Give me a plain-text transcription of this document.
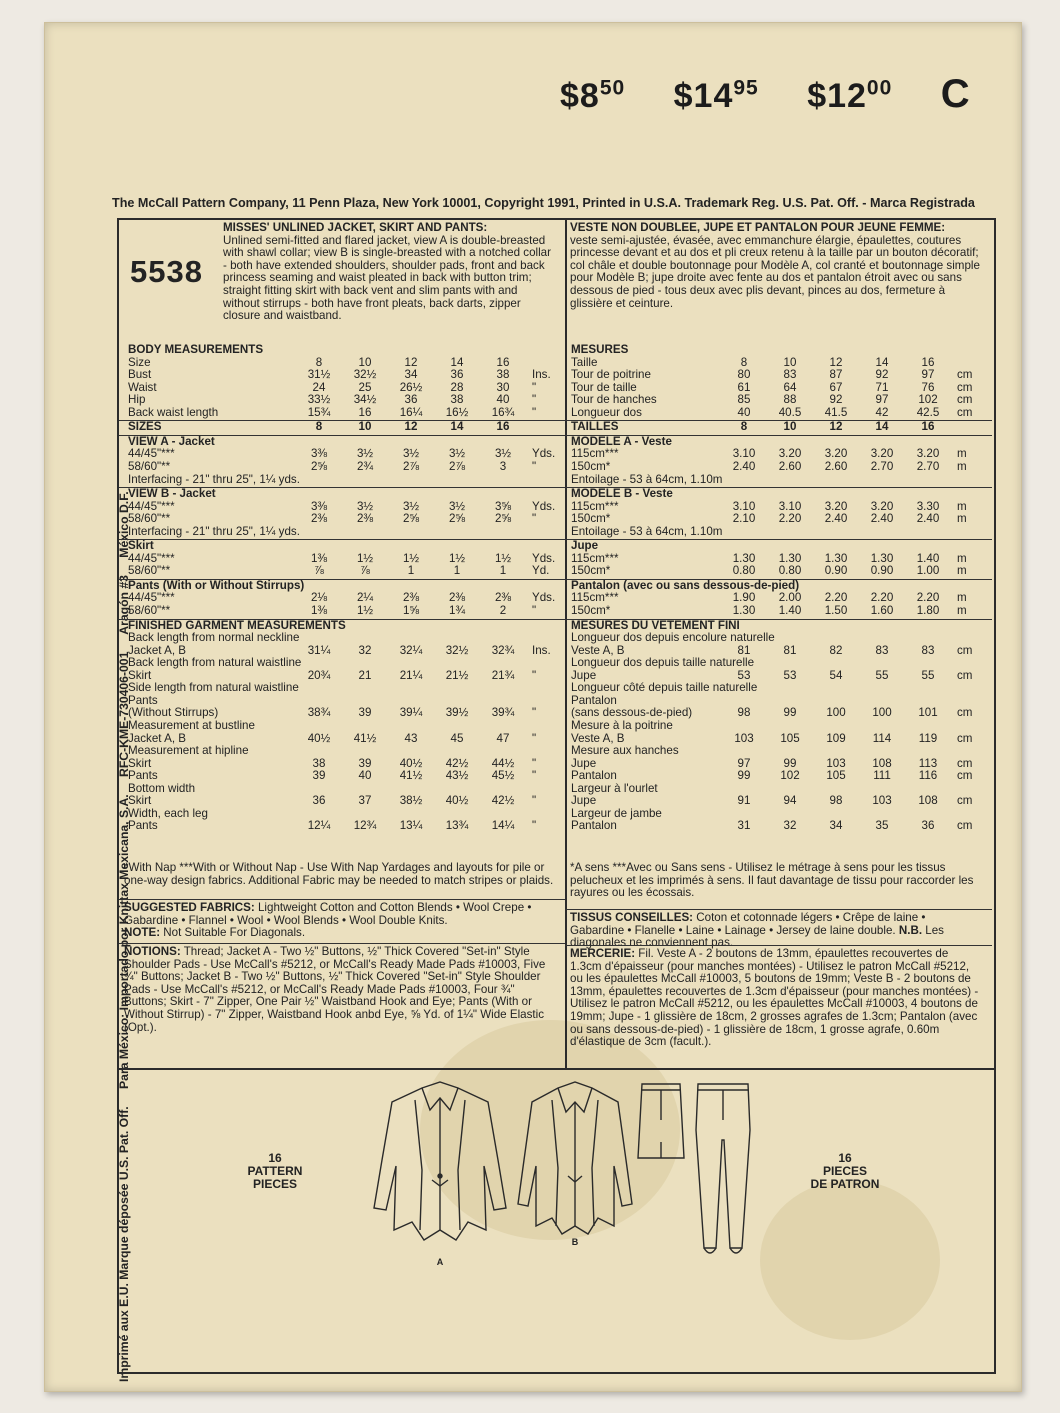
$\$8^{50}$ $\$14^{95}$ $\$12^{00}$ C
The McCall Pattern Company, 11 Penn Plaza, New York 10001, Copyright 1991, Printed in U.S.A. Trademark Reg. U.S. Pat. Off. - Marca Registrada
Imprimé aux E.U. Marque déposée U.S. Pat. Off. Para México: Importado por Knittax Mexicana, S.A. RFC-KME-730406-001 Aragón #3 México D.F.
5538
MISSES' UNLINED JACKET, SKIRT AND PANTS:
Unlined semi-fitted and flared jacket, view A is double-breasted with shawl collar; view B is single-breasted with a notched collar - both have extended shoulders, shoulder pads, front and back princess seaming and waist pleated in back with button trim; straight fitting skirt with back vent and slim pants with and without stirrups - both have front pleats, back darts, zipper closure and waistband.
VESTE NON DOUBLEE, JUPE ET PANTALON POUR JEUNE FEMME:
veste semi-ajustée, évasée, avec emmanchure élargie, épaulettes, coutures princesse devant et au dos et pli creux retenu à la taille par un bouton décoratif; col châle et double boutonnage pour Modèle A, col cranté et boutonnage simple pour Modèle B; jupe droite avec fente au dos et pantalon étroit avec ou sans dessous de pied - tous deux avec plis devant, pinces au dos, fermeture à glissière et ceinture.
BODY MEASUREMENTS
Size	8	10	12	14	16
Bust	31½ 32½ 34	36	38 Ins.
Waist	24	25 26½ 28	30 "
Hip	33½ 34½ 36	38	40 "
Back waist length	15¾ 16 16¼ 16½ 16¾ "
SIZES	8	10	12	14	16
VIEW A - Jacket
44/45"***	3⅜	3½	3½	3½	3½ Yds.
58/60"**	2⅝	2¾	2⅞	2⅞	3 "
Interfacing - 21" thru 25", 1¼ yds.
VIEW B - Jacket
44/45"***	3⅜	3½	3½	3½	3⅝ Yds.
58/60"**	2⅜	2⅜	2⅝	2⅝	2⅝ "
Interfacing - 21" thru 25", 1¼ yds.
Skirt
44/45"***	1⅜	1½	1½	1½	1½ Yds.
58/60"**	⅞	⅞	1	1	1 Yd.
Pants (With or Without Stirrups)
44/45"***	2⅛	2¼	2⅜	2⅜	2⅜ Yds.
58/60"**	1⅜	1½	1⅝	1¾	2 "
FINISHED GARMENT MEASUREMENTS
Back length from normal neckline
Jacket A, B	31¼ 32 32¼ 32½ 32¾ Ins.
Back length from natural waistline
Skirt	20¾ 21 21¼ 21½ 21¾ "
Side length from natural waistline
Pants
(Without Stirrups)	38¾ 39 39¼ 39½ 39¾ "
Measurement at bustline
Jacket A, B	40½ 41½ 43	45	47 "
Measurement at hipline
Skirt	38	39 40½ 42½ 44½ "
Pants	39	40 41½ 43½ 45½ "
Bottom width
Skirt	36	37 38½ 40½ 42½ "
Width, each leg
Pants	12¼ 12¾ 13¼ 13¾ 14¼ "
MESURES
Taille	8	10	12	14	16
Tour de poitrine	80	83	87	92	97 cm
Tour de taille	61	64	67	71	76 cm
Tour de hanches	85	88	92	97	102 cm
Longueur dos	40 40.5 41.5 42 42.5 cm
TAILLES	8	10	12	14	16
MODELE A - Veste
115cm***	3.10 3.20 3.20 3.20 3.20 m
150cm*	2.40 2.60 2.60 2.70 2.70 m
Entoilage - 53 à 64cm, 1.10m
MODELE B - Veste
115cm***	3.10 3.10 3.20 3.20 3.30 m
150cm*	2.10 2.20 2.40 2.40 2.40 m
Entoilage - 53 à 64cm, 1.10m
Jupe
115cm***	1.30 1.30 1.30 1.30 1.40 m
150cm*	0.80 0.80 0.90 0.90 1.00 m
Pantalon (avec ou sans dessous-de-pied)
115cm***	1.90 2.00 2.20 2.20 2.20 m
150cm*	1.30 1.40 1.50 1.60 1.80 m
MESURES DU VETEMENT FINI
Longueur dos depuis encolure naturelle
Veste A, B	81	81	82	83	83 cm
Longueur dos depuis taille naturelle
Jupe	53	53	54	55	55 cm
Longueur côté depuis taille naturelle
Pantalon
(sans dessous-de-pied)	98	99	100 100 101 cm
Mesure à la poitrine
Veste A, B	103 105 109 114 119 cm
Mesure aux hanches
Jupe	97	99	103 108 113 cm
Pantalon	99	102 105 111 116 cm
Largeur à l'ourlet
Jupe	91	94	98	103 108 cm
Largeur de jambe
Pantalon	31	32	34	35	36 cm
*With Nap ***With or Without Nap - Use With Nap Yardages and layouts for pile or one-way design fabrics. Additional Fabric may be needed to match stripes or plaids.
SUGGESTED FABRICS: Lightweight Cotton and Cotton Blends • Wool Crepe • Gabardine • Flannel • Wool • Wool Blends • Wool Double Knits.
NOTE: Not Suitable For Diagonals.
NOTIONS: Thread; Jacket A - Two ½" Buttons, ½" Thick Covered "Set-in" Style Shoulder Pads - Use McCall's #5212, or McCall's Ready Made Pads #10003, Five ¾" Buttons; Jacket B - Two ½" Buttons, ½" Thick Covered "Set-in" Style Shoulder Pads - Use McCall's #5212, or McCall's Ready Made Pads #10003, Four ¾" Buttons; Skirt - 7" Zipper, One Pair ½" Waistband Hook and Eye; Pants (With or Without Stirrup) - 7" Zipper, Waistband Hook anbd Eye, ⅝ Yd. of 1¼" Wide Elastic (Opt.).
*A sens ***Avec ou Sans sens - Utilisez le métrage à sens pour les tissus pelucheux et les imprimés à sens. Il faut davantage de tissu pour raccorder les rayures ou les écossais.
TISSUS CONSEILLES: Coton et cotonnade légers • Crêpe de laine • Gabardine • Flanelle • Laine • Lainage • Jersey de laine double. N.B. Les diagonales ne conviennent pas.
MERCERIE: Fil. Veste A - 2 boutons de 13mm, épaulettes recouvertes de 1.3cm d'épaisseur (pour manches montées) - Utilisez le patron McCall #5212, ou les épaulettes McCall #10003, 5 boutons de 19mm; Veste B - 2 boutons de 13mm, épaulettes recouvertes de 1.3cm d'épaisseur (pour manches montées) - Utilisez le patron McCall #5212, ou les épaulettes McCall #10003, 4 boutons de 19mm; Jupe - 1 glissière de 18cm, 2 grosses agrafes de 1.3cm; Pantalon (avec ou sans dessous-de-pied) - 1 glissière de 18cm, 1 grosse agrafe, 0.60m d'élastique de 3cm (facult.).
16
PATTERN
PIECES
16
PIECES
DE PATRON
A
B
